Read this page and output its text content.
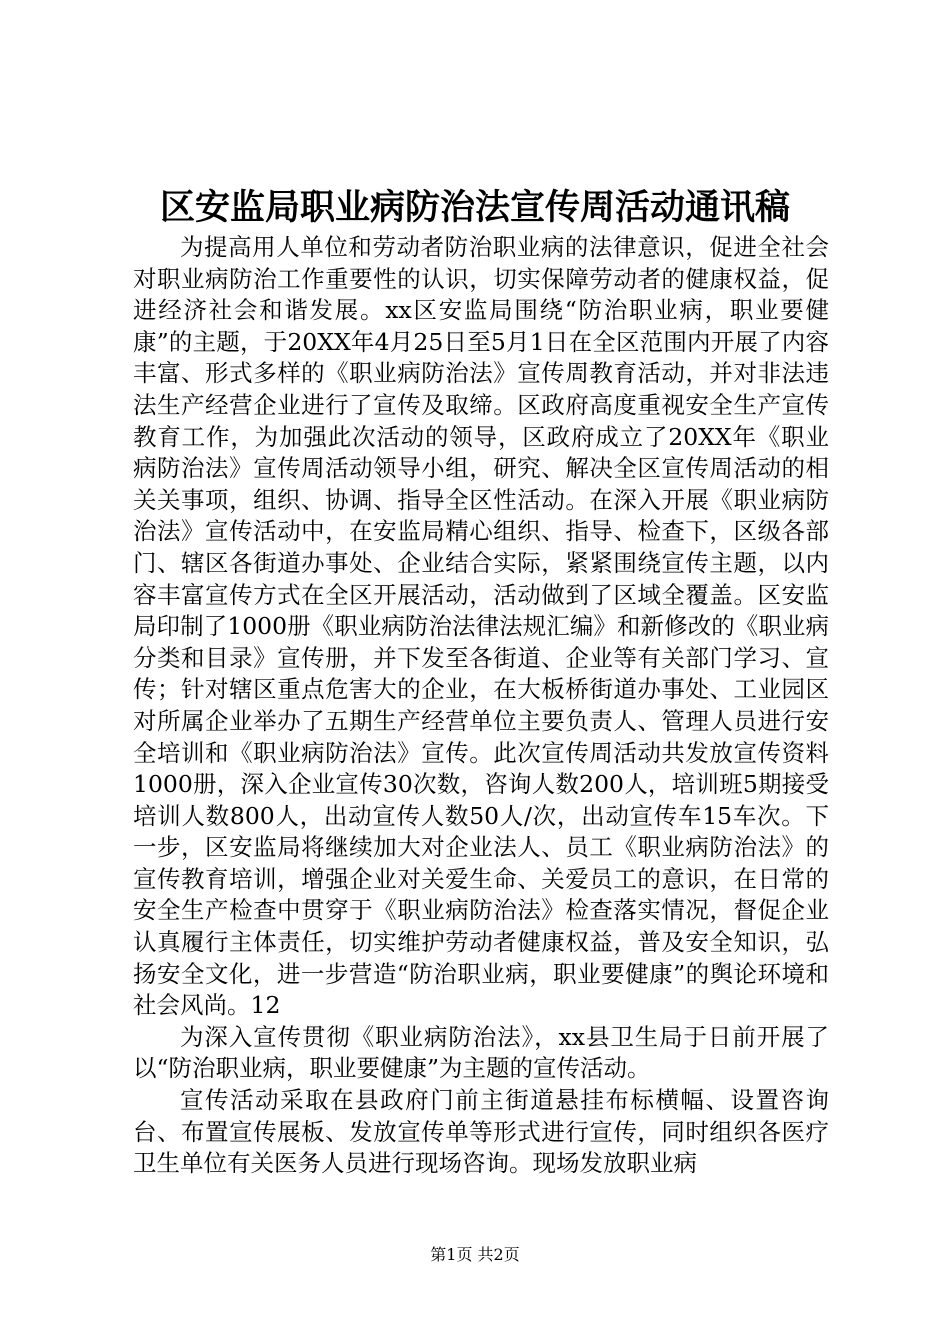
区安监局职业病防治法宣传周活动通讯稿

为提高用人单位和劳动者防治职业病的法律意识，促进全社会对职业病防治工作重要性的认识，切实保障劳动者的健康权益，促进经济社会和谐发展。xx区安监局围绕“防治职业病，职业要健康”的主题，于20XX年4月25日至5月1日在全区范围内开展了内容丰富、形式多样的《职业病防治法》宣传周教育活动，并对非法违法生产经营企业进行了宣传及取缔。区政府高度重视安全生产宣传教育工作，为加强此次活动的领导，区政府成立了20XX年《职业病防治法》宣传周活动领导小组，研究、解决全区宣传周活动的相关关事项，组织、协调、指导全区性活动。在深入开展《职业病防治法》宣传活动中，在安监局精心组织、指导、检查下，区级各部门、辖区各街道办事处、企业结合实际，紧紧围绕宣传主题，以内容丰富宣传方式在全区开展活动，活动做到了区域全覆盖。区安监局印制了1000册《职业病防治法律法规汇编》和新修改的《职业病分类和目录》宣传册，并下发至各街道、企业等有关部门学习、宣传；针对辖区重点危害大的企业，在大板桥街道办事处、工业园区对所属企业举办了五期生产经营单位主要负责人、管理人员进行安全培训和《职业病防治法》宣传。此次宣传周活动共发放宣传资料1000册，深入企业宣传30次数，咨询人数200人，培训班5期接受培训人数800人，出动宣传人数50人/次，出动宣传车15车次。下一步，区安监局将继续加大对企业法人、员工《职业病防治法》的宣传教育培训，增强企业对关爱生命、关爱员工的意识，在日常的安全生产检查中贯穿于《职业病防治法》检查落实情况，督促企业认真履行主体责任，切实维护劳动者健康权益，普及安全知识，弘扬安全文化，进一步营造“防治职业病，职业要健康”的舆论环境和社会风尚。12

为深入宣传贯彻《职业病防治法》，xx县卫生局于日前开展了以“防治职业病，职业要健康”为主题的宣传活动。

宣传活动采取在县政府门前主街道悬挂布标横幅、设置咨询台、布置宣传展板、发放宣传单等形式进行宣传，同时组织各医疗卫生单位有关医务人员进行现场咨询。现场发放职业病

第1页 共2页
